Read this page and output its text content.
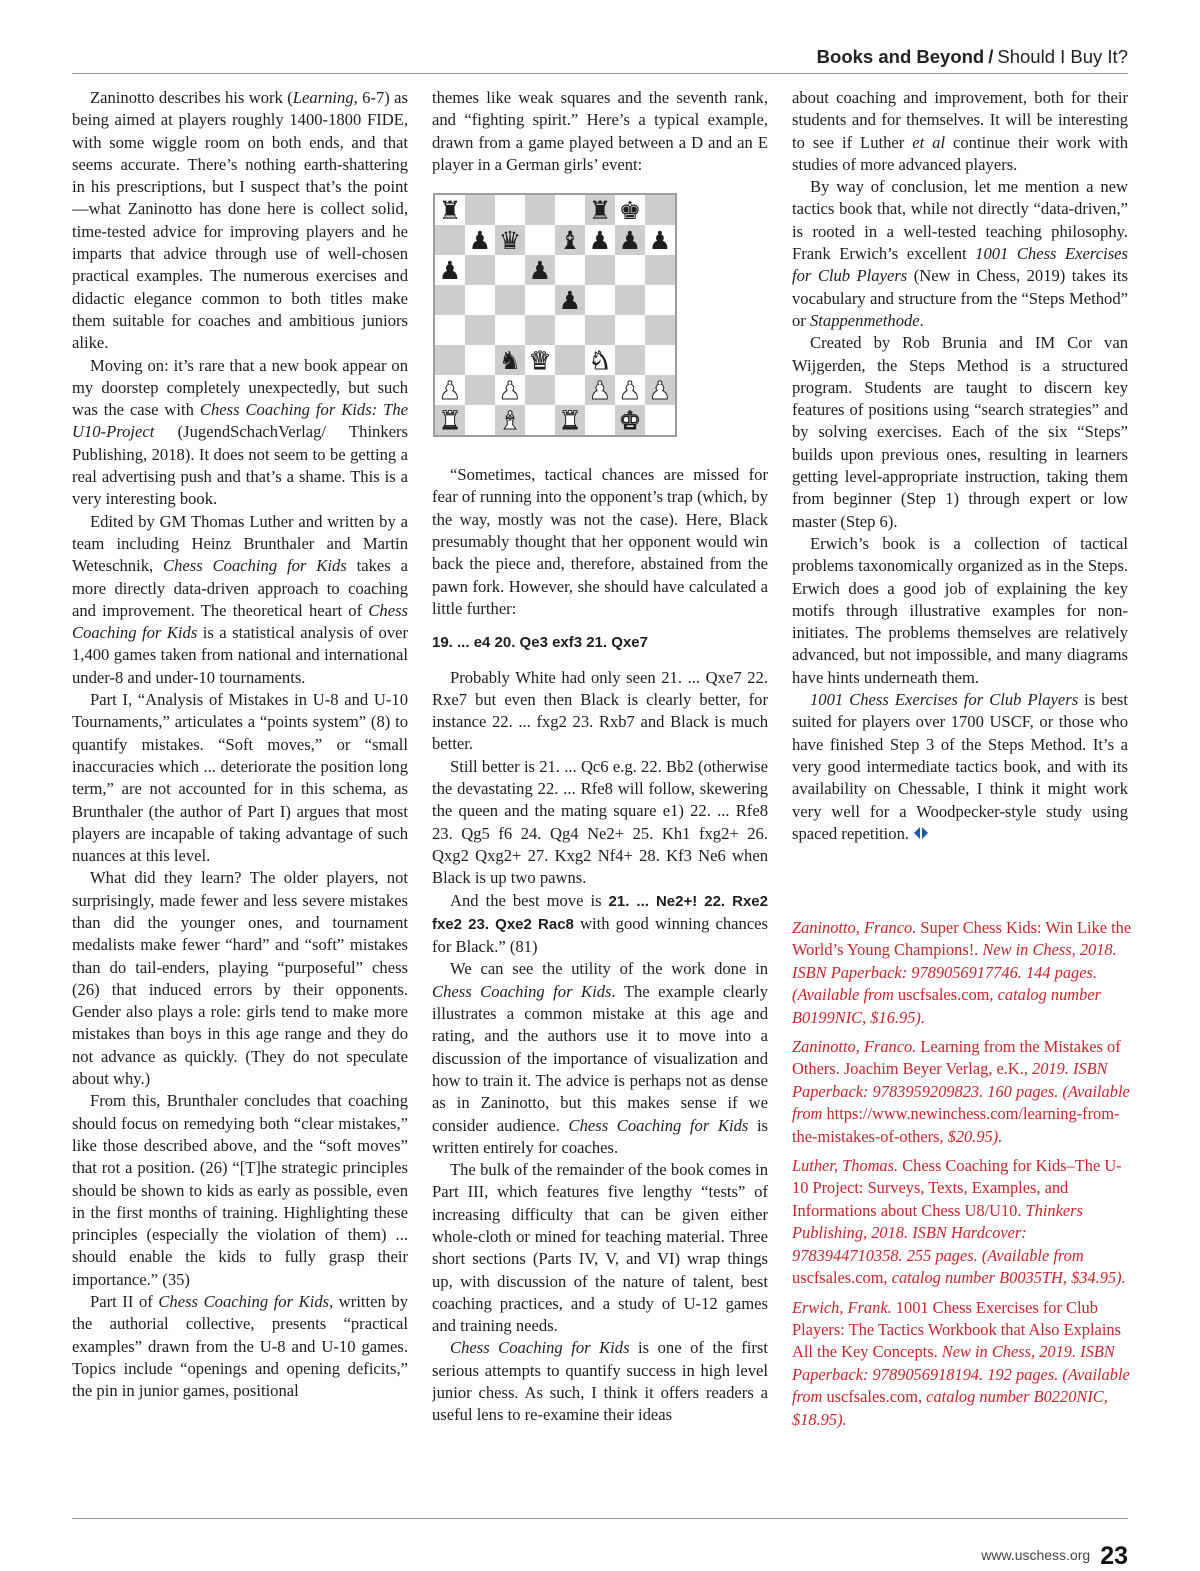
Books and Beyond / Should I Buy It?

Zaninotto describes his work (Learning, 6-7) as being aimed at players roughly 1400-1800 FIDE, with some wiggle room on both ends, and that seems accurate. There’s nothing earth-shattering in his prescriptions, but I suspect that’s the point—what Zaninotto has done here is collect solid, time-tested advice for improving players and he imparts that advice through use of well-chosen practical examples. The numerous exercises and didactic elegance common to both titles make them suitable for coaches and ambitious juniors alike.

Moving on: it’s rare that a new book appear on my doorstep completely unexpectedly, but such was the case with Chess Coaching for Kids: The U10-Project (JugendSchachVerlag/ Thinkers Publishing, 2018). It does not seem to be getting a real advertising push and that’s a shame. This is a very interesting book.

Edited by GM Thomas Luther and written by a team including Heinz Brunthaler and Martin Weteschnik, Chess Coaching for Kids takes a more directly data-driven approach to coaching and improvement. The theoretical heart of Chess Coaching for Kids is a statistical analysis of over 1,400 games taken from national and international under-8 and under-10 tournaments.

Part I, “Analysis of Mistakes in U-8 and U-10 Tournaments,” articulates a “points system” (8) to quantify mistakes. “Soft moves,” or “small inaccuracies which ... deteriorate the position long term,” are not accounted for in this schema, as Brunthaler (the author of Part I) argues that most players are incapable of taking advantage of such nuances at this level.

What did they learn? The older players, not surprisingly, made fewer and less severe mistakes than did the younger ones, and tournament medalists make fewer “hard” and “soft” mistakes than do tail-enders, playing “purposeful” chess (26) that induced errors by their opponents. Gender also plays a role: girls tend to make more mistakes than boys in this age range and they do not advance as quickly. (They do not speculate about why.)

From this, Brunthaler concludes that coaching should focus on remedying both “clear mistakes,” like those described above, and the “soft moves” that rot a position. (26) “[T]he strategic principles should be shown to kids as early as possible, even in the first months of training. Highlighting these principles (especially the violation of them) ... should enable the kids to fully grasp their importance.” (35)

Part II of Chess Coaching for Kids, written by the authorial collective, presents “practical examples” drawn from the U-8 and U-10 games. Topics include “openings and opening deficits,” the pin in junior games, positional

themes like weak squares and the seventh rank, and “fighting spirit.” Here’s a typical example, drawn from a game played between a D and an E player in a German girls’ event:

♜	♜ ♚
♟ ♛ ♝ ♟ ♟ ♟
♟	♟
♟
♞ ♛ ♞
♟ ♟	♟ ♟ ♟
♜ ♝ ♜ ♚

“Sometimes, tactical chances are missed for fear of running into the opponent’s trap (which, by the way, mostly was not the case). Here, Black presumably thought that her opponent would win back the piece and, therefore, abstained from the pawn fork. However, she should have calculated a little further:

19. ... e4 20. Qe3 exf3 21. Qxe7

Probably White had only seen 21. ... Qxe7 22. Rxe7 but even then Black is clearly better, for instance 22. ... fxg2 23. Rxb7 and Black is much better.

Still better is 21. ... Qc6 e.g. 22. Bb2 (otherwise the devastating 22. ... Rfe8 will follow, skewering the queen and the mating square e1) 22. ... Rfe8 23. Qg5 f6 24. Qg4 Ne2+ 25. Kh1 fxg2+ 26. Qxg2 Qxg2+ 27. Kxg2 Nf4+ 28. Kf3 Ne6 when Black is up two pawns.

And the best move is 21. ... Ne2+! 22. Rxe2 fxe2 23. Qxe2 Rac8 with good winning chances for Black.” (81)

We can see the utility of the work done in Chess Coaching for Kids. The example clearly illustrates a common mistake at this age and rating, and the authors use it to move into a discussion of the importance of visualization and how to train it. The advice is perhaps not as dense as in Zaninotto, but this makes sense if we consider audience. Chess Coaching for Kids is written entirely for coaches.

The bulk of the remainder of the book comes in Part III, which features five lengthy “tests” of increasing difficulty that can be given either whole-cloth or mined for teaching material. Three short sections (Parts IV, V, and VI) wrap things up, with discussion of the nature of talent, best coaching practices, and a study of U-12 games and training needs.

Chess Coaching for Kids is one of the first serious attempts to quantify success in high level junior chess. As such, I think it offers readers a useful lens to re-examine their ideas

about coaching and improvement, both for their students and for themselves. It will be interesting to see if Luther et al continue their work with studies of more advanced players.

By way of conclusion, let me mention a new tactics book that, while not directly “data-driven,” is rooted in a well-tested teaching philosophy. Frank Erwich’s excellent 1001 Chess Exercises for Club Players (New in Chess, 2019) takes its vocabulary and structure from the “Steps Method” or Stappenmethode.

Created by Rob Brunia and IM Cor van Wijgerden, the Steps Method is a structured program. Students are taught to discern key features of positions using “search strategies” and by solving exercises. Each of the six “Steps” builds upon previous ones, resulting in learners getting level-appropriate instruction, taking them from beginner (Step 1) through expert or low master (Step 6).

Erwich’s book is a collection of tactical problems taxonomically organized as in the Steps. Erwich does a good job of explaining the key motifs through illustrative examples for non-initiates. The problems themselves are relatively advanced, but not impossible, and many diagrams have hints underneath them.

1001 Chess Exercises for Club Players is best suited for players over 1700 USCF, or those who have finished Step 3 of the Steps Method. It’s a very good intermediate tactics book, and with its availability on Chessable, I think it might work very well for a Woodpecker-style study using spaced repetition.

Zaninotto, Franco. Super Chess Kids: Win Like the World’s Young Champions!. New in Chess, 2018. ISBN Paperback: 9789056917746. 144 pages. (Available from uscfsales.com, catalog number B0199NIC, $16.95).

Zaninotto, Franco. Learning from the Mistakes of Others. Joachim Beyer Verlag, e.K., 2019. ISBN Paperback: 9783959209823. 160 pages. (Available from https://www.newinchess.com/learning-from-the-mistakes-of-others, $20.95).

Luther, Thomas. Chess Coaching for Kids–The U-10 Project: Surveys, Texts, Examples, and Informations about Chess U8/U10. Thinkers Publishing, 2018. ISBN Hardcover: 9783944710358. 255 pages. (Available from uscfsales.com, catalog number B0035TH, $34.95).

Erwich, Frank. 1001 Chess Exercises for Club Players: The Tactics Workbook that Also Explains All the Key Concepts. New in Chess, 2019. ISBN Paperback: 9789056918194. 192 pages. (Available from uscfsales.com, catalog number B0220NIC, $18.95).

www.uschess.org 23
